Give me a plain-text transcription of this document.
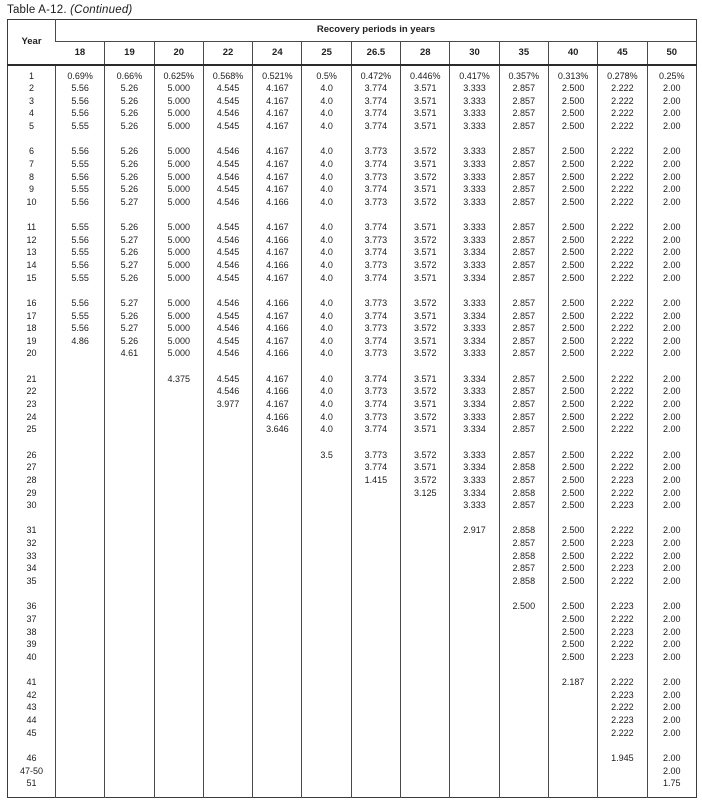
Table A-12. (Continued)
Year	Recovery periods in years												
	18	19	20	22	24	25	26.5	28	30	35	40	45	50
1	0.69%	0.66%	0.625%	0.568%	0.521%	0.5%	0.472%	0.446%	0.417%	0.357%	0.313%	0.278%	0.25%
2	5.56	5.26	5.000	4.545	4.167	4.0	3.774	3.571	3.333	2.857	2.500	2.222	2.00
3	5.56	5.26	5.000	4.545	4.167	4.0	3.774	3.571	3.333	2.857	2.500	2.222	2.00
4	5.56	5.26	5.000	4.546	4.167	4.0	3.774	3.571	3.333	2.857	2.500	2.222	2.00
5	5.55	5.26	5.000	4.545	4.167	4.0	3.774	3.571	3.333	2.857	2.500	2.222	2.00

6	5.56	5.26	5.000	4.546	4.167	4.0	3.773	3.572	3.333	2.857	2.500	2.222	2.00
7	5.55	5.26	5.000	4.545	4.167	4.0	3.774	3.571	3.333	2.857	2.500	2.222	2.00
8	5.56	5.26	5.000	4.546	4.167	4.0	3.773	3.572	3.333	2.857	2.500	2.222	2.00
9	5.55	5.26	5.000	4.545	4.167	4.0	3.774	3.571	3.333	2.857	2.500	2.222	2.00
10	5.56	5.27	5.000	4.546	4.166	4.0	3.773	3.572	3.333	2.857	2.500	2.222	2.00

11	5.55	5.26	5.000	4.545	4.167	4.0	3.774	3.571	3.333	2.857	2.500	2.222	2.00
12	5.56	5.27	5.000	4.546	4.166	4.0	3.773	3.572	3.333	2.857	2.500	2.222	2.00
13	5.55	5.26	5.000	4.545	4.167	4.0	3.774	3.571	3.334	2.857	2.500	2.222	2.00
14	5.56	5.27	5.000	4.546	4.166	4.0	3.773	3.572	3.333	2.857	2.500	2.222	2.00
15	5.55	5.26	5.000	4.545	4.167	4.0	3.774	3.571	3.334	2.857	2.500	2.222	2.00

16	5.56	5.27	5.000	4.546	4.166	4.0	3.773	3.572	3.333	2.857	2.500	2.222	2.00
17	5.55	5.26	5.000	4.545	4.167	4.0	3.774	3.571	3.334	2.857	2.500	2.222	2.00
18	5.56	5.27	5.000	4.546	4.166	4.0	3.773	3.572	3.333	2.857	2.500	2.222	2.00
19	4.86	5.26	5.000	4.545	4.167	4.0	3.774	3.571	3.334	2.857	2.500	2.222	2.00
20		4.61	5.000	4.546	4.166	4.0	3.773	3.572	3.333	2.857	2.500	2.222	2.00

21			4.375	4.545	4.167	4.0	3.774	3.571	3.334	2.857	2.500	2.222	2.00
22				4.546	4.166	4.0	3.773	3.572	3.333	2.857	2.500	2.222	2.00
23				3.977	4.167	4.0	3.774	3.571	3.334	2.857	2.500	2.222	2.00
24					4.166	4.0	3.773	3.572	3.333	2.857	2.500	2.222	2.00
25					3.646	4.0	3.774	3.571	3.334	2.857	2.500	2.222	2.00

26						3.5	3.773	3.572	3.333	2.857	2.500	2.222	2.00
27							3.774	3.571	3.334	2.858	2.500	2.222	2.00
28							1.415	3.572	3.333	2.857	2.500	2.223	2.00
29								3.125	3.334	2.858	2.500	2.222	2.00
30									3.333	2.857	2.500	2.223	2.00

31									2.917	2.858	2.500	2.222	2.00
32										2.857	2.500	2.223	2.00
33										2.858	2.500	2.222	2.00
34										2.857	2.500	2.223	2.00
35										2.858	2.500	2.222	2.00

36										2.500	2.500	2.223	2.00
37											2.500	2.222	2.00
38											2.500	2.223	2.00
39											2.500	2.222	2.00
40											2.500	2.223	2.00

41											2.187	2.222	2.00
42												2.223	2.00
43												2.222	2.00
44												2.223	2.00
45												2.222	2.00

46												1.945	2.00
47-50													2.00
51													1.75
